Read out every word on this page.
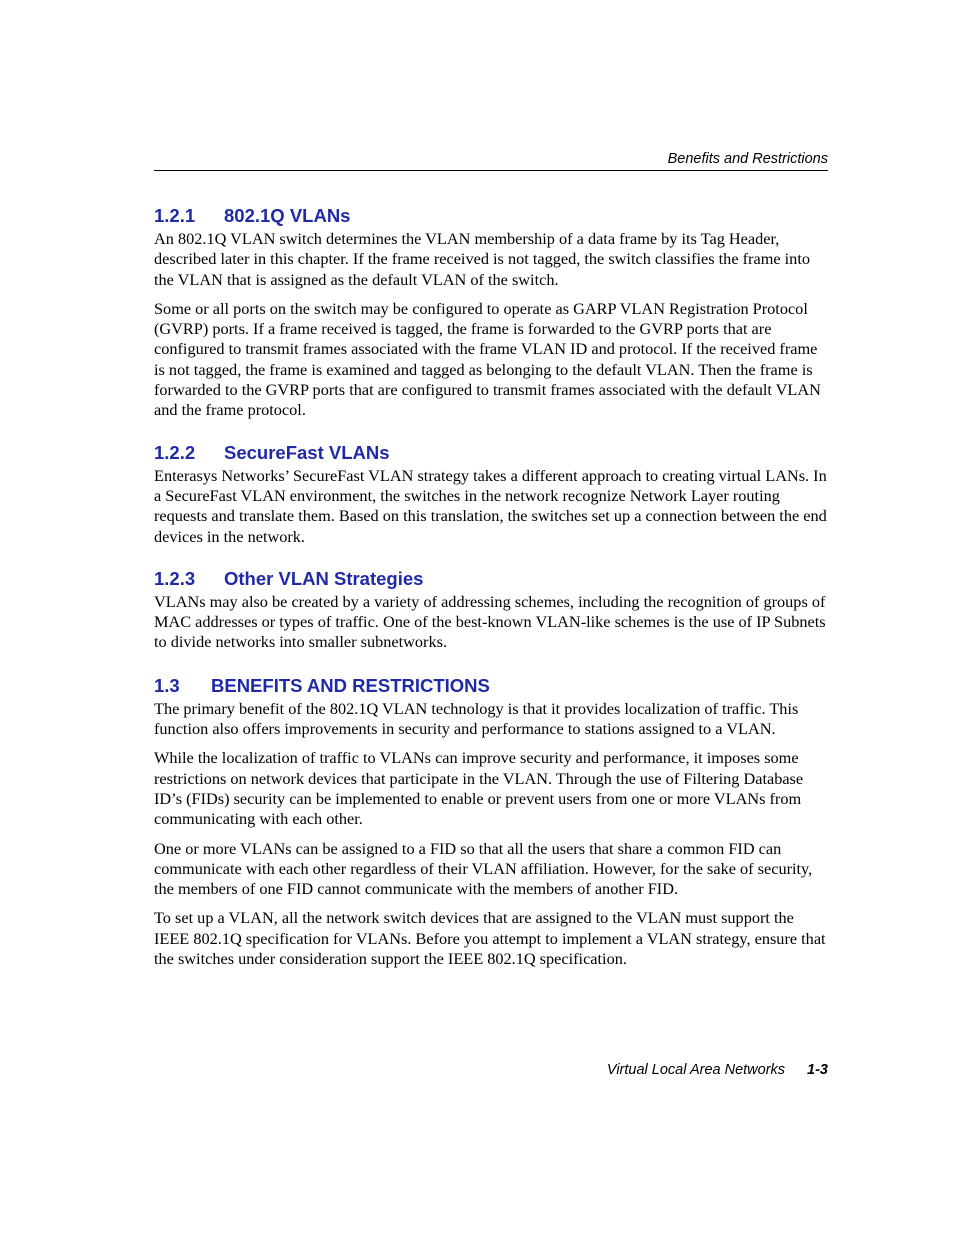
Benefits and Restrictions
1.2.1 802.1Q VLANs

An 802.1Q VLAN switch determines the VLAN membership of a data frame by its Tag Header, described later in this chapter. If the frame received is not tagged, the switch classifies the frame into the VLAN that is assigned as the default VLAN of the switch.

Some or all ports on the switch may be configured to operate as GARP VLAN Registration Protocol (GVRP) ports. If a frame received is tagged, the frame is forwarded to the GVRP ports that are configured to transmit frames associated with the frame VLAN ID and protocol. If the received frame is not tagged, the frame is examined and tagged as belonging to the default VLAN. Then the frame is forwarded to the GVRP ports that are configured to transmit frames associated with the default VLAN and the frame protocol.

1.2.2 SecureFast VLANs

Enterasys Networks’ SecureFast VLAN strategy takes a different approach to creating virtual LANs. In a SecureFast VLAN environment, the switches in the network recognize Network Layer routing requests and translate them. Based on this translation, the switches set up a connection between the end devices in the network.

1.2.3 Other VLAN Strategies

VLANs may also be created by a variety of addressing schemes, including the recognition of groups of MAC addresses or types of traffic. One of the best-known VLAN-like schemes is the use of IP Subnets to divide networks into smaller subnetworks.

1.3 BENEFITS AND RESTRICTIONS

The primary benefit of the 802.1Q VLAN technology is that it provides localization of traffic. This function also offers improvements in security and performance to stations assigned to a VLAN.

While the localization of traffic to VLANs can improve security and performance, it imposes some restrictions on network devices that participate in the VLAN. Through the use of Filtering Database ID’s (FIDs) security can be implemented to enable or prevent users from one or more VLANs from communicating with each other.

One or more VLANs can be assigned to a FID so that all the users that share a common FID can communicate with each other regardless of their VLAN affiliation. However, for the sake of security, the members of one FID cannot communicate with the members of another FID.

To set up a VLAN, all the network switch devices that are assigned to the VLAN must support the IEEE 802.1Q specification for VLANs. Before you attempt to implement a VLAN strategy, ensure that the switches under consideration support the IEEE 802.1Q specification.

Virtual Local Area Networks 1-3
